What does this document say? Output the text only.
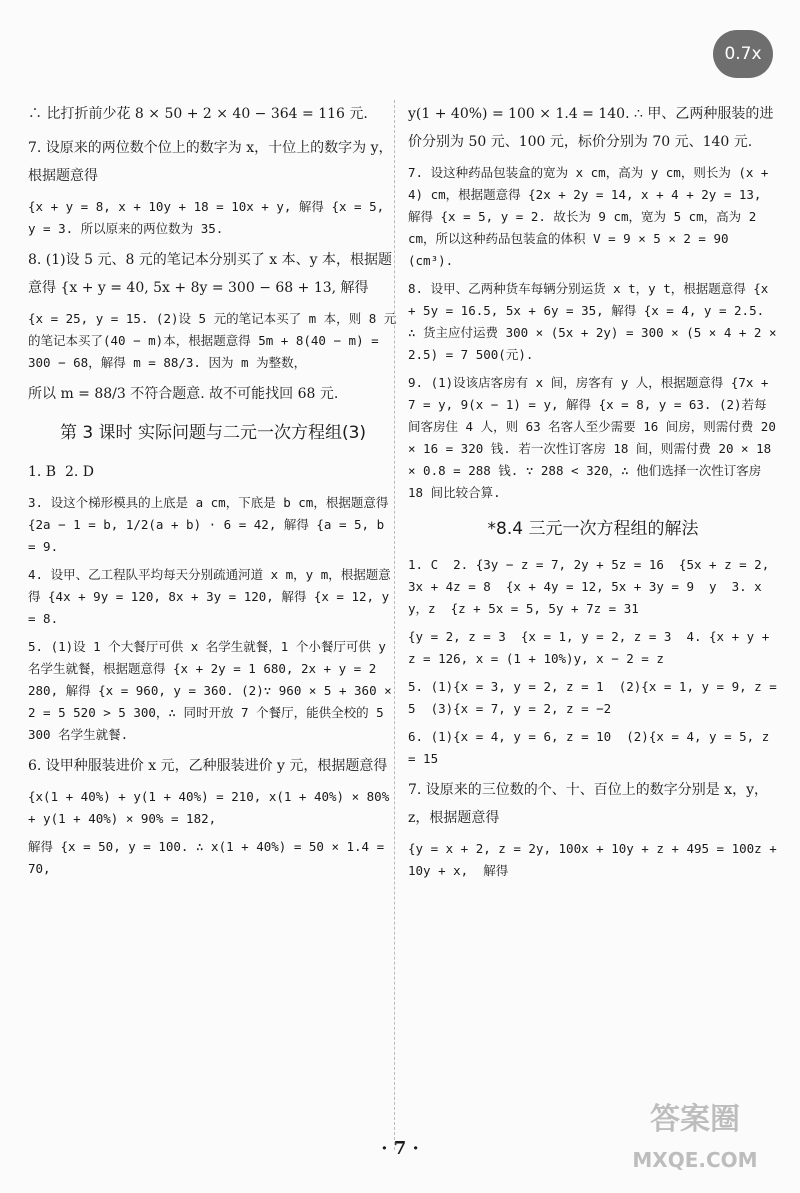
0.7x

∴ 比打折前少花 8 × 50 + 2 × 40 − 364 = 116 元.

7. 设原来的两位数个位上的数字为 x，十位上的数字为 y，根据题意得

{x + y = 8, x + 10y + 18 = 10x + y, 解得 {x = 5, y = 3. 所以原来的两位数为 35.

8. (1)设 5 元、8 元的笔记本分别买了 x 本、y 本，根据题意得 {x + y = 40, 5x + 8y = 300 − 68 + 13, 解得

{x = 25, y = 15. (2)设 5 元的笔记本买了 m 本，则 8 元的笔记本买了(40 − m)本，根据题意得 5m + 8(40 − m) = 300 − 68，解得 m = 88/3. 因为 m 为整数，

所以 m = 88/3 不符合题意. 故不可能找回 68 元.

第 3 课时 实际问题与二元一次方程组(3)

1. B  2. D

3. 设这个梯形模具的上底是 a cm，下底是 b cm，根据题意得 {2a − 1 = b, 1/2(a + b) · 6 = 42, 解得 {a = 5, b = 9.

4. 设甲、乙工程队平均每天分别疏通河道 x m，y m，根据题意得 {4x + 9y = 120, 8x + 3y = 120, 解得 {x = 12, y = 8.

5. (1)设 1 个大餐厅可供 x 名学生就餐，1 个小餐厅可供 y 名学生就餐，根据题意得 {x + 2y = 1 680, 2x + y = 2 280, 解得 {x = 960, y = 360. (2)∵ 960 × 5 + 360 × 2 = 5 520 > 5 300，∴ 同时开放 7 个餐厅，能供全校的 5 300 名学生就餐.

6. 设甲种服装进价 x 元，乙种服装进价 y 元，根据题意得

{x(1 + 40%) + y(1 + 40%) = 210, x(1 + 40%) × 80% + y(1 + 40%) × 90% = 182,

解得 {x = 50, y = 100. ∴ x(1 + 40%) = 50 × 1.4 = 70,

y(1 + 40%) = 100 × 1.4 = 140. ∴ 甲、乙两种服装的进价分别为 50 元、100 元，标价分别为 70 元、140 元.

7. 设这种药品包装盒的宽为 x cm，高为 y cm，则长为 (x + 4) cm，根据题意得 {2x + 2y = 14, x + 4 + 2y = 13, 解得 {x = 5, y = 2. 故长为 9 cm，宽为 5 cm，高为 2 cm，所以这种药品包装盒的体积 V = 9 × 5 × 2 = 90 (cm³).

8. 设甲、乙两种货车每辆分别运货 x t，y t，根据题意得 {x + 5y = 16.5, 5x + 6y = 35, 解得 {x = 4, y = 2.5. ∴ 货主应付运费 300 × (5x + 2y) = 300 × (5 × 4 + 2 × 2.5) = 7 500(元).

9. (1)设该店客房有 x 间，房客有 y 人，根据题意得 {7x + 7 = y, 9(x − 1) = y, 解得 {x = 8, y = 63. (2)若每间客房住 4 人，则 63 名客人至少需要 16 间房，则需付费 20 × 16 = 320 钱. 若一次性订客房 18 间，则需付费 20 × 18 × 0.8 = 288 钱. ∵ 288 < 320，∴ 他们选择一次性订客房 18 间比较合算.

*8.4 三元一次方程组的解法

1. C  2. {3y − z = 7, 2y + 5z = 16  {5x + z = 2, 3x + 4z = 8  {x + 4y = 12, 5x + 3y = 9  y  3. x  y，z  {z + 5x = 5, 5y + 7z = 31

{y = 2, z = 3  {x = 1, y = 2, z = 3  4. {x + y + z = 126, x = (1 + 10%)y, x − 2 = z

5. (1){x = 3, y = 2, z = 1  (2){x = 1, y = 9, z = 5  (3){x = 7, y = 2, z = −2

6. (1){x = 4, y = 6, z = 10  (2){x = 4, y = 5, z = 15

7. 设原来的三位数的个、十、百位上的数字分别是 x，y，z，根据题意得

{y = x + 2, z = 2y, 100x + 10y + z + 495 = 100z + 10y + x,  解得

· 7 ·
答案圈
MXQE.COM
